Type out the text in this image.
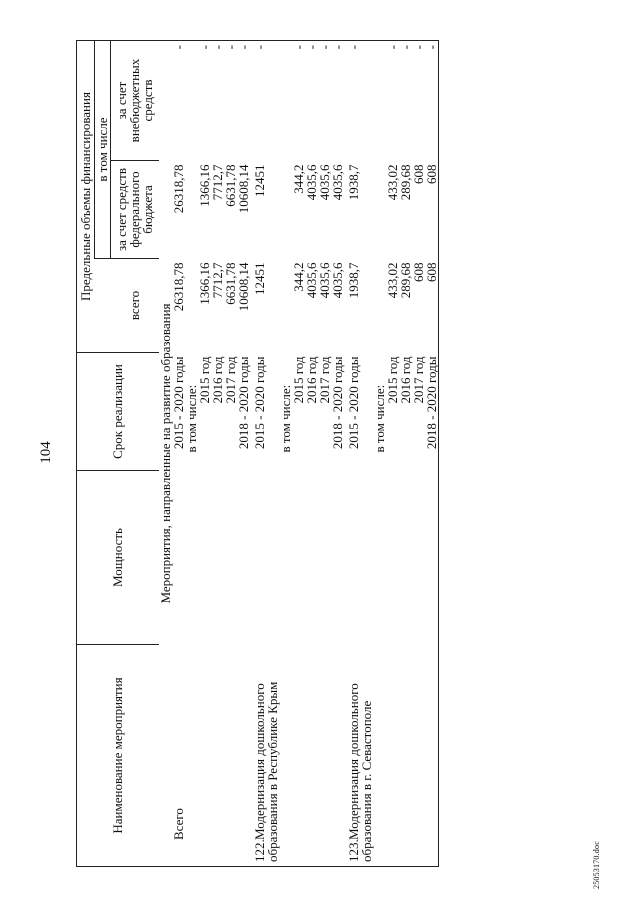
104
Наименование мероприятия	Мощность	Срок реализации	Предельные объемы финансирования		
				в том числе	
			всего	за счет средств федерального бюджета	за счет внебюджетных средств

Мероприятия, направленные на развитие образования					
Всего		2015 - 2020 годы	26318,78	26318,78	-
		в том числе:			
		2015 год	1366,16	1366,16	-
		2016 год	7712,7	7712,7	-
		2017 год	6631,78	6631,78	-
		2018 - 2020 годы	10608,14	10608,14	-

122.Модернизация дошкольного образования в Республике Крым		2015 - 2020 годы	12451	12451	-
		в том числе:			
		2015 год	344,2	344,2	-
		2016 год	4035,6	4035,6	-
		2017 год	4035,6	4035,6	-
		2018 - 2020 годы	4035,6	4035,6	-

123.Модернизация дошкольного образования в г. Севастополе		2015 - 2020 годы	1938,7	1938,7	-
		в том числе:			
		2015 год	433,02	433,02	-
		2016 год	289,68	289,68	-
		2017 год	608	608	-
		2018 - 2020 годы	608	608	-
25053170.doc
